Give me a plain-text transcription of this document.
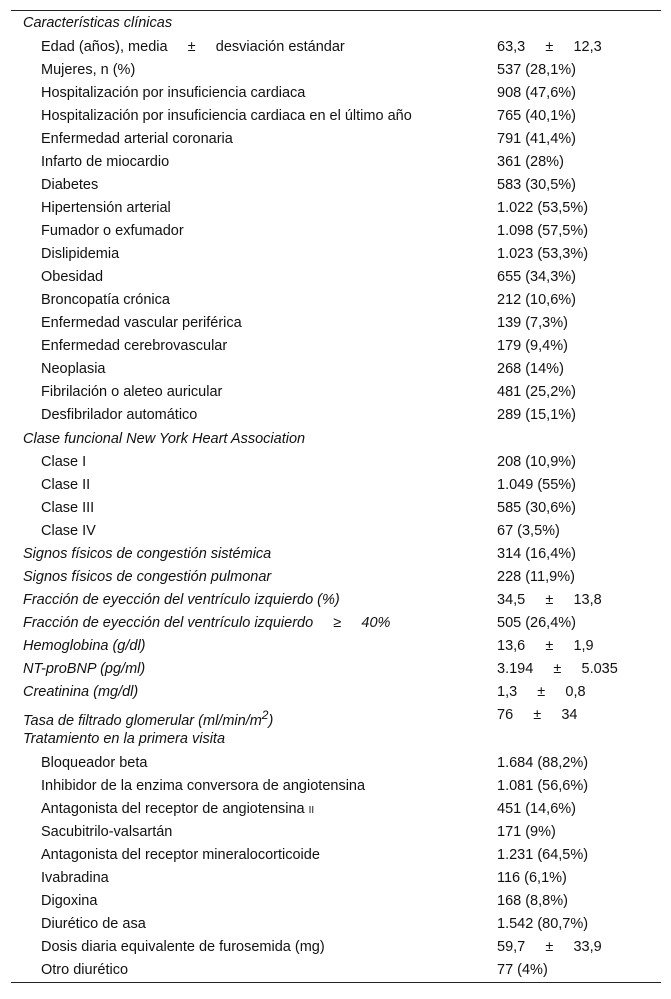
Características clínicas
Edad (años), media     ±     desviación estándar	63,3     ±     12,3
Mujeres, n (%)	537 (28,1%)
Hospitalización por insuficiencia cardiaca	908 (47,6%)
Hospitalización por insuficiencia cardiaca en el último año	765 (40,1%)
Enfermedad arterial coronaria	791 (41,4%)
Infarto de miocardio	361 (28%)
Diabetes	583 (30,5%)
Hipertensión arterial	1.022 (53,5%)
Fumador o exfumador	1.098 (57,5%)
Dislipidemia	1.023 (53,3%)
Obesidad	655 (34,3%)
Broncopatía crónica	212 (10,6%)
Enfermedad vascular periférica	139 (7,3%)
Enfermedad cerebrovascular	179 (9,4%)
Neoplasia	268 (14%)
Fibrilación o aleteo auricular	481 (25,2%)
Desfibrilador automático	289 (15,1%)
Clase funcional New York Heart Association
Clase I	208 (10,9%)
Clase II	1.049 (55%)
Clase III	585 (30,6%)
Clase IV	67 (3,5%)
Signos físicos de congestión sistémica	314 (16,4%)
Signos físicos de congestión pulmonar	228 (11,9%)
Fracción de eyección del ventrículo izquierdo (%)	34,5     ±     13,8
Fracción de eyección del ventrículo izquierdo     ≥     40%	505 (26,4%)
Hemoglobina (g/dl)	13,6     ±     1,9
NT-proBNP (pg/ml)	3.194     ±     5.035
Creatinina (mg/dl)	1,3     ±     0,8
Tasa de filtrado glomerular $(ml/\min/m^2)$	76     ±     34
Tratamiento en la primera visita
Bloqueador beta	1.684 (88,2%)
Inhibidor de la enzima conversora de angiotensina	1.081 (56,6%)
Antagonista del receptor de angiotensina II	451 (14,6%)
Sacubitrilo-valsartán	171 (9%)
Antagonista del receptor mineralocorticoide	1.231 (64,5%)
Ivabradina	116 (6,1%)
Digoxina	168 (8,8%)
Diurético de asa	1.542 (80,7%)
Dosis diaria equivalente de furosemida (mg)	59,7     ±     33,9
Otro diurético	77 (4%)
